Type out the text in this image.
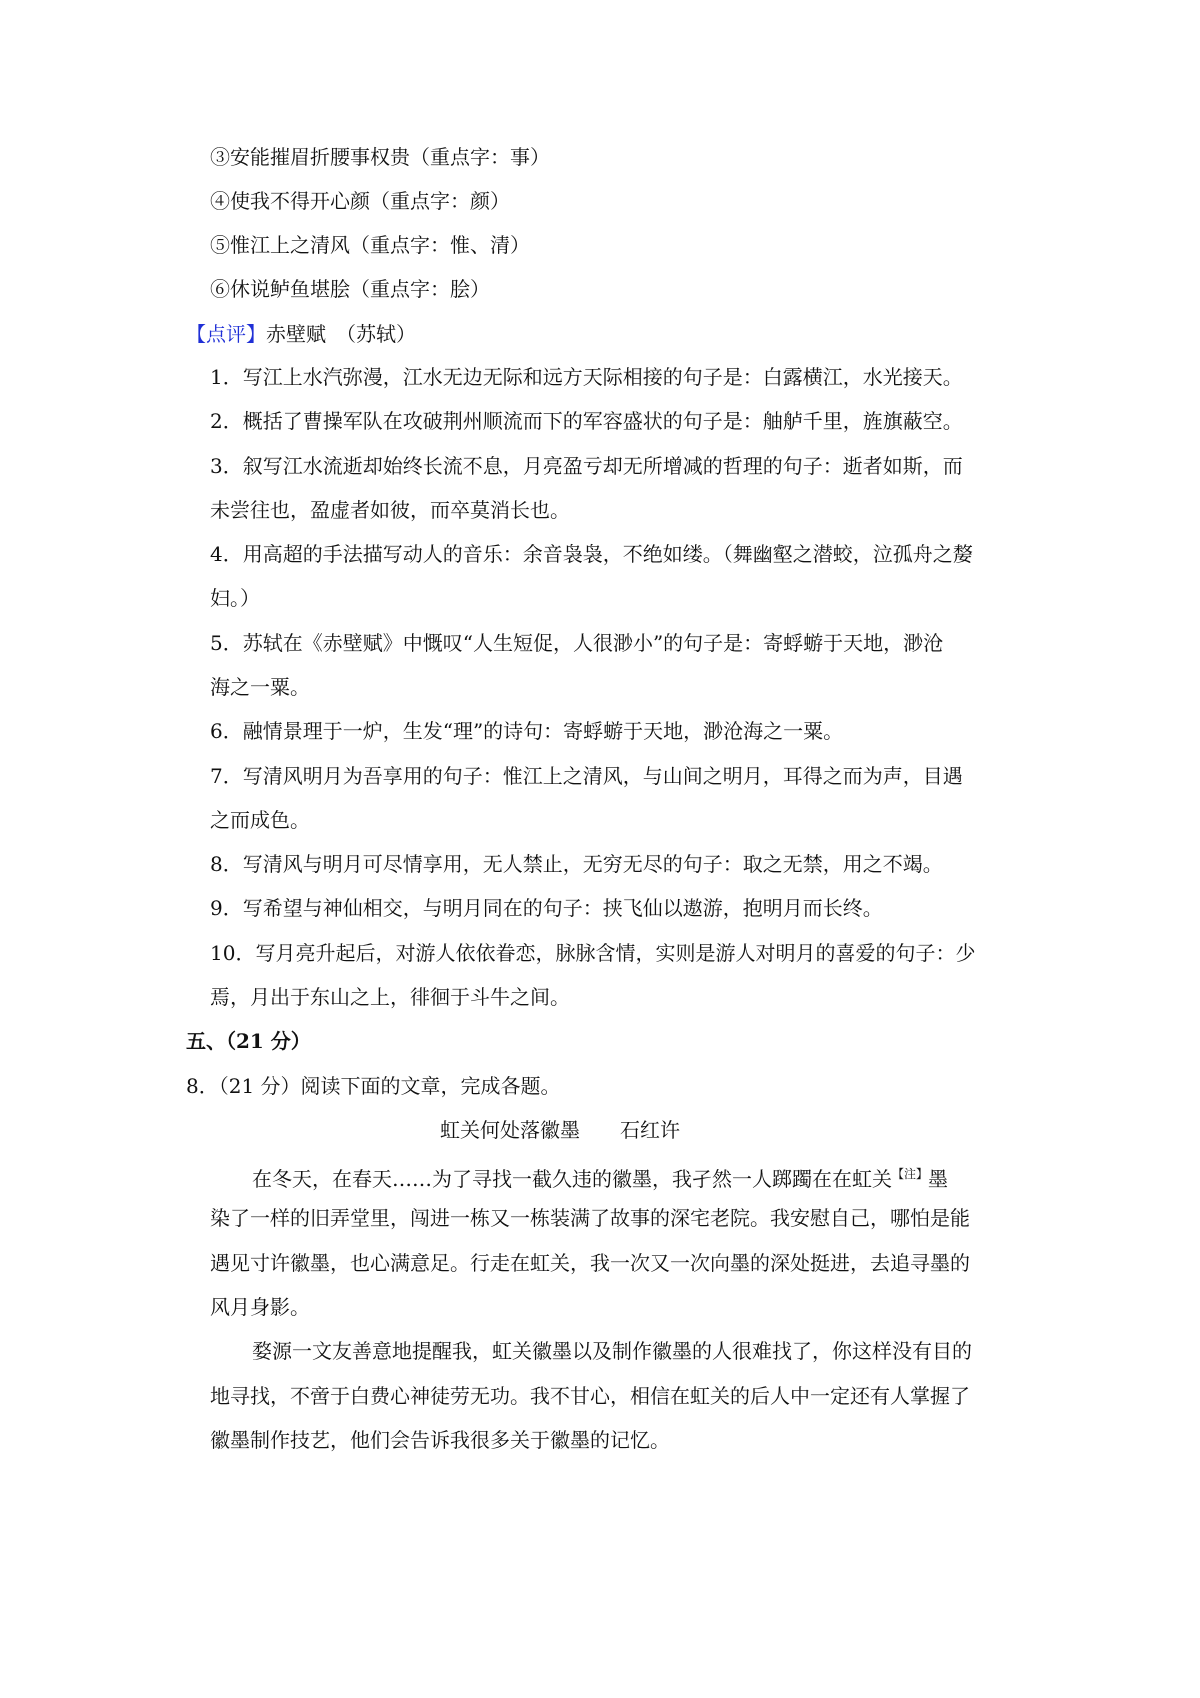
③安能摧眉折腰事权贵（重点字：事）
④使我不得开心颜（重点字：颜）
⑤惟江上之清风（重点字：惟、清）
⑥休说鲈鱼堪脍（重点字：脍）
【点评】赤壁赋　（苏轼）
1．写江上水汽弥漫，江水无边无际和远方天际相接的句子是：白露横江，水光接天。
2．概括了曹操军队在攻破荆州顺流而下的军容盛状的句子是：舳舻千里，旌旗蔽空。
3．叙写江水流逝却始终长流不息，月亮盈亏却无所增减的哲理的句子：逝者如斯，而
未尝往也，盈虚者如彼，而卒莫消长也。
4．用高超的手法描写动人的音乐：余音袅袅，不绝如缕。（舞幽壑之潜蛟，泣孤舟之嫠
妇。）
5．苏轼在《赤壁赋》中慨叹“人生短促，人很渺小”的句子是：寄蜉蝣于天地，渺沧
海之一粟。
6．融情景理于一炉，生发“理”的诗句：寄蜉蝣于天地，渺沧海之一粟。
7．写清风明月为吾享用的句子：惟江上之清风，与山间之明月，耳得之而为声，目遇
之而成色。
8．写清风与明月可尽情享用，无人禁止，无穷无尽的句子：取之无禁，用之不竭。
9．写希望与神仙相交，与明月同在的句子：挟飞仙以遨游，抱明月而长终。
10．写月亮升起后，对游人依依眷恋，脉脉含情，实则是游人对明月的喜爱的句子：少
焉，月出于东山之上，徘徊于斗牛之间。
五、（21 分）
8．（21 分）阅读下面的文章，完成各题。
虹关何处落徽墨 石红许
在冬天，在春天……为了寻找一截久违的徽墨，我孑然一人踯躅在在虹关$^{【注】}$墨
染了一样的旧弄堂里，闯进一栋又一栋装满了故事的深宅老院。我安慰自己，哪怕是能
遇见寸许徽墨，也心满意足。行走在虹关，我一次又一次向墨的深处挺进，去追寻墨的
风月身影。
婺源一文友善意地提醒我，虹关徽墨以及制作徽墨的人很难找了，你这样没有目的
地寻找，不啻于白费心神徒劳无功。我不甘心，相信在虹关的后人中一定还有人掌握了
徽墨制作技艺，他们会告诉我很多关于徽墨的记忆。
